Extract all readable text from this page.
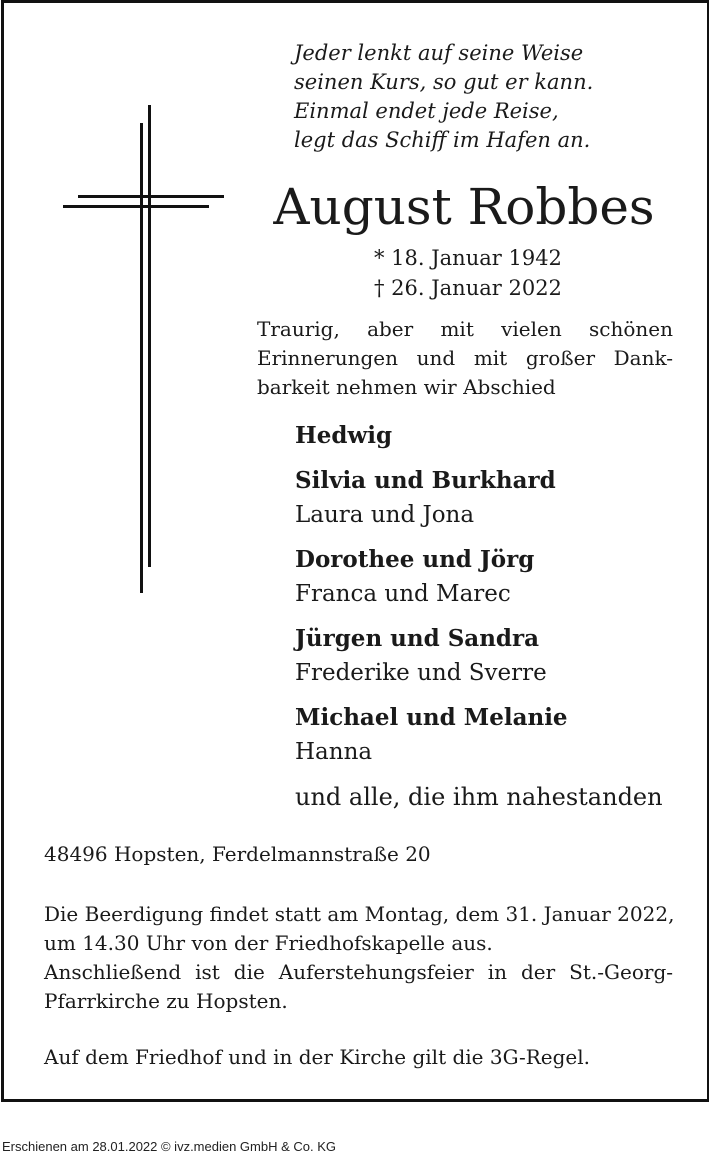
Jeder lenkt auf seine Weise
seinen Kurs, so gut er kann.
Einmal endet jede Reise,
legt das Schiff im Hafen an.
August Robbes
* 18. Januar 1942
† 26. Januar 2022
Traurig, aber mit vielen schönen
Erinnerungen und mit großer Dank-
barkeit nehmen wir Abschied
Hedwig
Silvia und Burkhard
Laura und Jona
Dorothee und Jörg
Franca und Marec
Jürgen und Sandra
Frederike und Sverre
Michael und Melanie
Hanna
und alle, die ihm nahestanden
48496 Hopsten, Ferdelmannstraße 20
Die Beerdigung findet statt am Montag, dem 31. Januar 2022,
um 14.30 Uhr von der Friedhofskapelle aus.
Anschließend ist die Auferstehungsfeier in der St.-Georg-
Pfarrkirche zu Hopsten.
Auf dem Friedhof und in der Kirche gilt die 3G-Regel.
Erschienen am 28.01.2022 © ivz.medien GmbH & Co. KG
